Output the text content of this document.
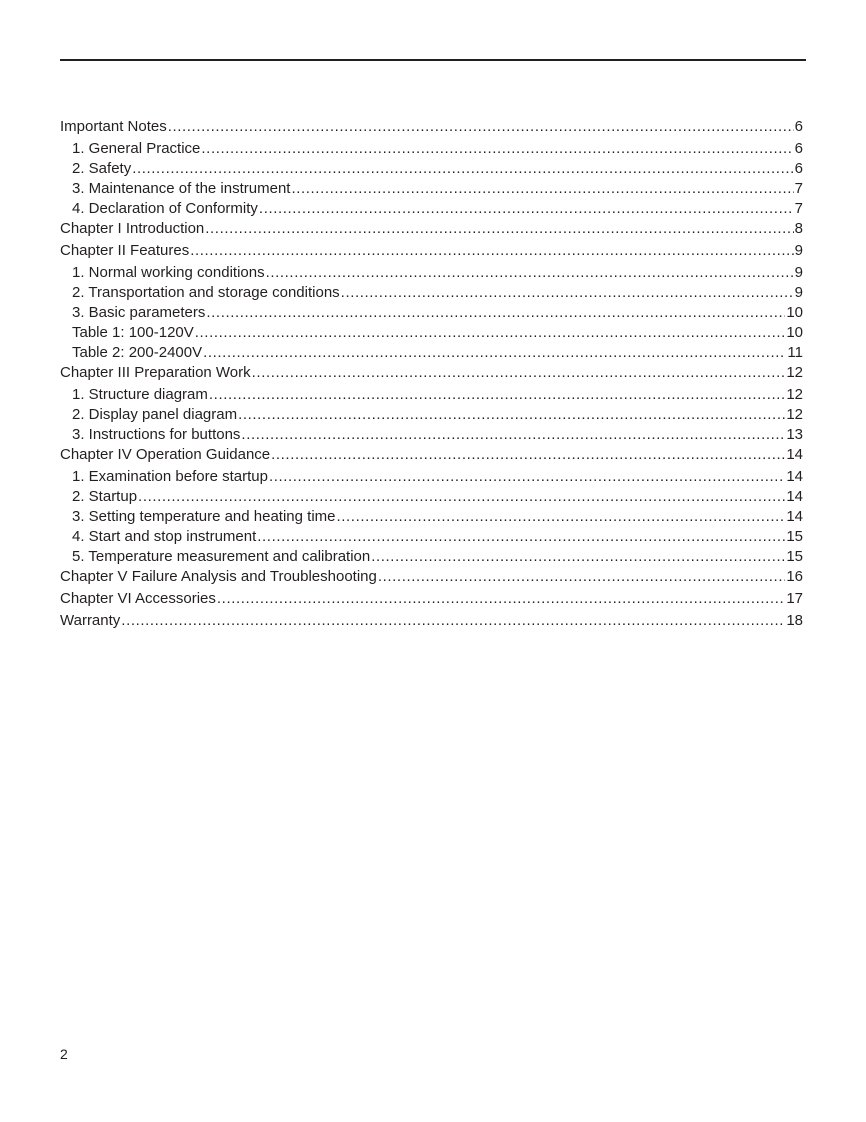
Important Notes .....	6
1. General Practice .....	6
2. Safety .....	6
3. Maintenance of the instrument .....	7
4. Declaration of Conformity .....	7
Chapter I Introduction .....	8
Chapter II Features .....	9
1. Normal working conditions .....	9
2. Transportation and storage conditions .....	9
3. Basic parameters .....	10
Table 1: 100-120V .....	10
Table 2: 200-2400V .....	11
Chapter III Preparation Work .....	12
1. Structure diagram .....	12
2. Display panel diagram .....	12
3. Instructions for buttons .....	13
Chapter IV Operation Guidance .....	14
1. Examination before startup .....	14
2. Startup .....	14
3. Setting temperature and heating time .....	14
4. Start and stop instrument .....	15
5. Temperature measurement and calibration .....	15
Chapter V Failure Analysis and Troubleshooting .....	16
Chapter VI Accessories .....	17
Warranty .....	18
2
